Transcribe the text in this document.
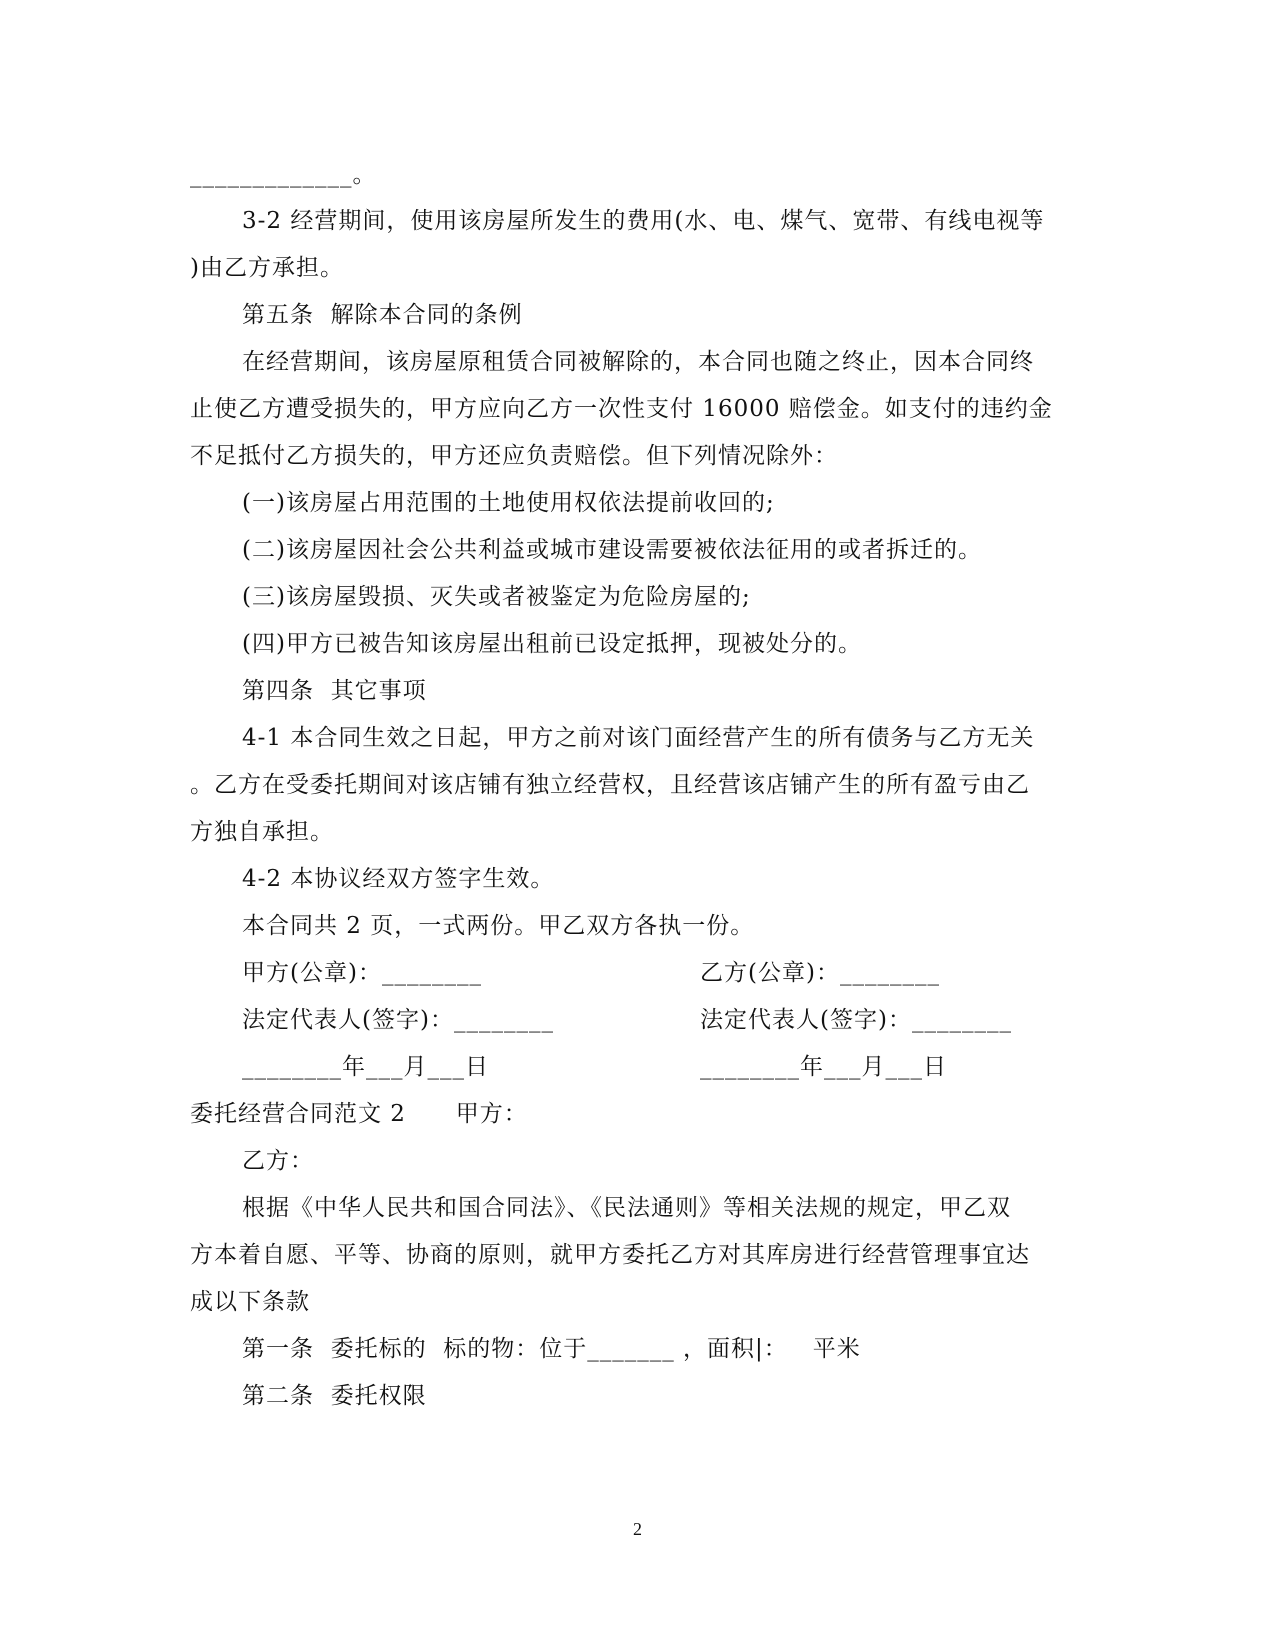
_____________。
3-2 经营期间，使用该房屋所发生的费用(水、电、煤气、宽带、有线电视等
)由乙方承担。
第五条  解除本合同的条例
在经营期间，该房屋原租赁合同被解除的，本合同也随之终止，因本合同终
止使乙方遭受损失的，甲方应向乙方一次性支付 16000 赔偿金。如支付的违约金
不足抵付乙方损失的，甲方还应负责赔偿。但下列情况除外：
(一)该房屋占用范围的土地使用权依法提前收回的;
(二)该房屋因社会公共利益或城市建设需要被依法征用的或者拆迁的。
(三)该房屋毁损、灭失或者被鉴定为危险房屋的;
(四)甲方已被告知该房屋出租前已设定抵押，现被处分的。
第四条  其它事项
4-1 本合同生效之日起，甲方之前对该门面经营产生的所有债务与乙方无关
。乙方在受委托期间对该店铺有独立经营权，且经营该店铺产生的所有盈亏由乙
方独自承担。
4-2 本协议经双方签字生效。
本合同共 2 页，一式两份。甲乙双方各执一份。
甲方(公章)：________	乙方(公章)：________
法定代表人(签字)：________	法定代表人(签字)：________
________年___月___日	________年___月___日
委托经营合同范文 2      甲方：
乙方：
根据《中华人民共和国合同法》、《民法通则》等相关法规的规定，甲乙双
方本着自愿、平等、协商的原则，就甲方委托乙方对其库房进行经营管理事宜达
成以下条款
第一条  委托标的  标的物：位于_______ ，面积|：   平米
第二条  委托权限
2
